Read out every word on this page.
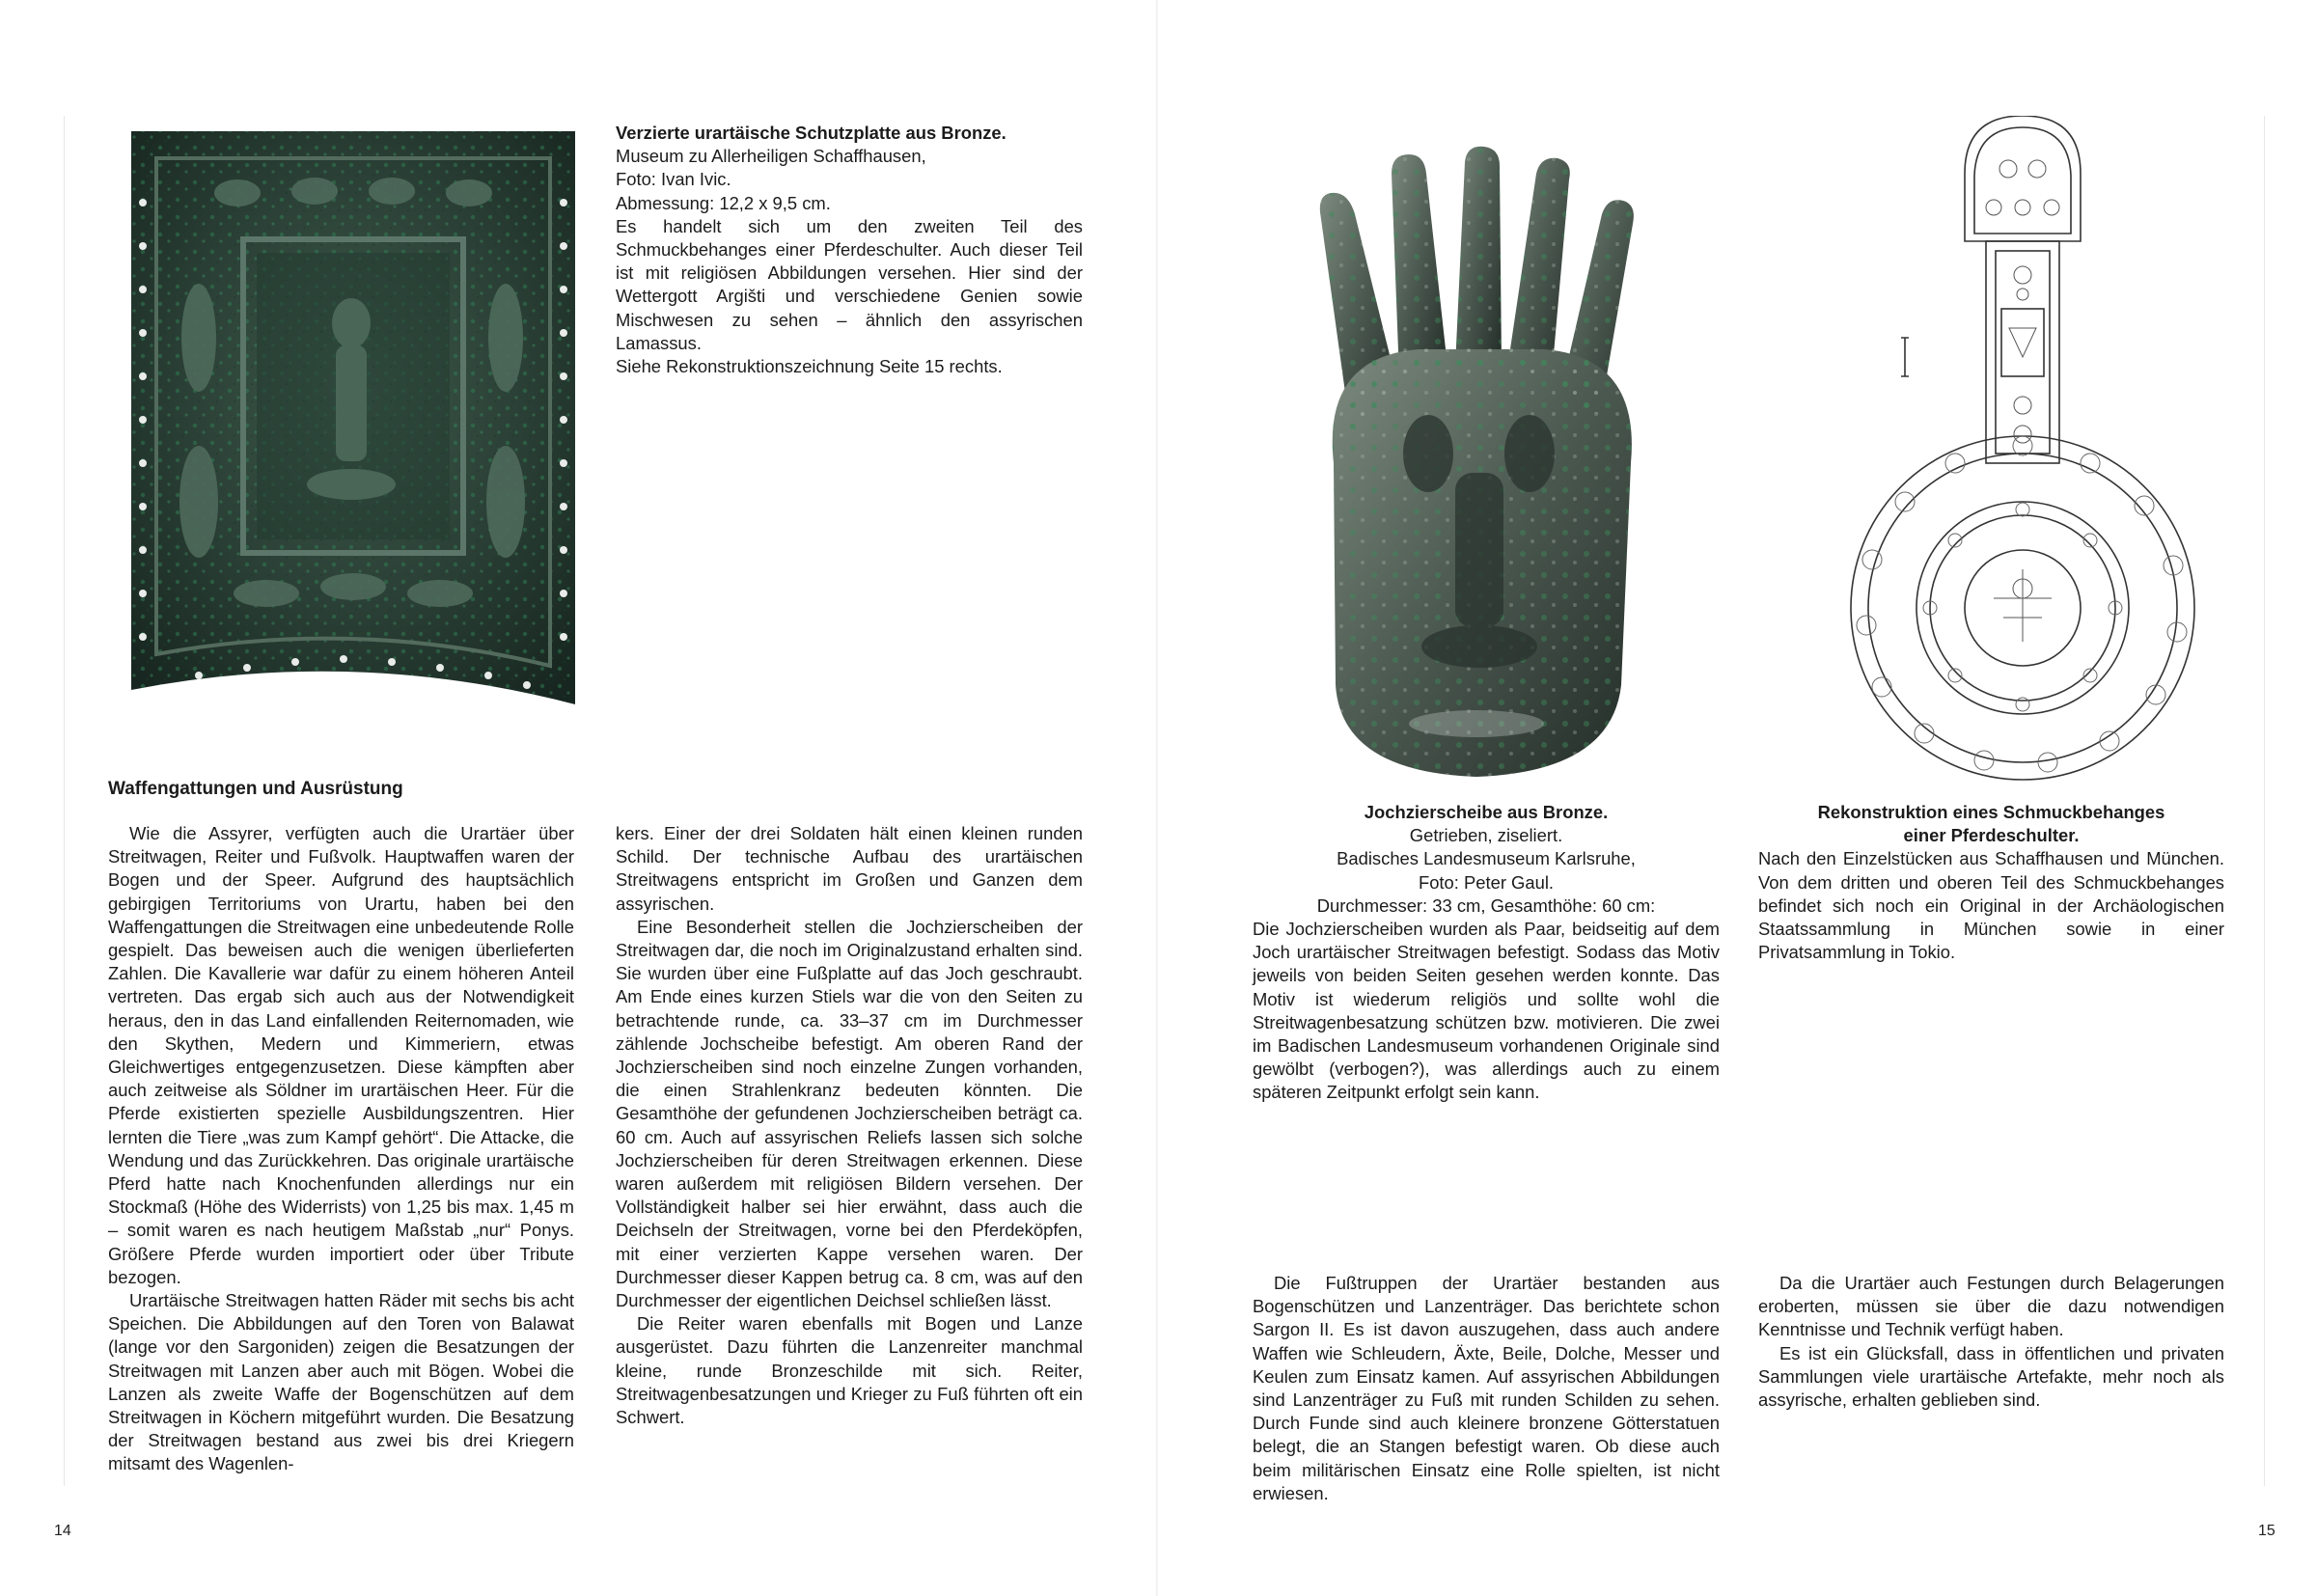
Verzierte urartäische Schutzplatte aus Bronze.
Museum zu Allerheiligen Schaffhausen,
Foto: Ivan Ivic.
Abmessung: 12,2 x 9,5 cm.
Es handelt sich um den zweiten Teil des Schmuckbehanges einer Pferdeschulter. Auch dieser Teil ist mit religiösen Abbildungen versehen. Hier sind der Wettergott Argišti und verschiedene Genien sowie Mischwesen zu sehen – ähnlich den assyrischen Lamassus.
Siehe Rekonstruktionszeichnung Seite 15 rechts.
Waffengattungen und Ausrüstung

Wie die Assyrer, verfügten auch die Urartäer über Streitwagen, Reiter und Fußvolk. Hauptwaffen waren der Bogen und der Speer. Aufgrund des hauptsächlich gebirgigen Territoriums von Urartu, haben bei den Waffengattungen die Streitwagen eine unbedeutende Rolle gespielt. Das beweisen auch die wenigen überlieferten Zahlen. Die Kavallerie war dafür zu einem höheren Anteil vertreten. Das ergab sich auch aus der Notwendigkeit heraus, den in das Land einfallenden Reiternomaden, wie den Skythen, Medern und Kimmeriern, etwas Gleichwertiges entgegenzusetzen. Diese kämpften aber auch zeitweise als Söldner im urartäischen Heer. Für die Pferde existierten spezielle Ausbildungszentren. Hier lernten die Tiere „was zum Kampf gehört“. Die Attacke, die Wendung und das Zurückkehren. Das originale urartäische Pferd hatte nach Knochenfunden allerdings nur ein Stockmaß (Höhe des Widerrists) von 1,25 bis max. 1,45 m – somit waren es nach heutigem Maßstab „nur“ Ponys. Größere Pferde wurden importiert oder über Tribute bezogen.

Urartäische Streitwagen hatten Räder mit sechs bis acht Speichen. Die Abbildungen auf den Toren von Balawat (lange vor den Sargoniden) zeigen die Besatzungen der Streitwagen mit Lanzen aber auch mit Bögen. Wobei die Lanzen als zweite Waffe der Bogenschützen auf dem Streitwagen in Köchern mitgeführt wurden. Die Besatzung der Streitwagen bestand aus zwei bis drei Kriegern mitsamt des Wagenlen-

kers. Einer der drei Soldaten hält einen kleinen runden Schild. Der technische Aufbau des urartäischen Streitwagens entspricht im Großen und Ganzen dem assyrischen.

Eine Besonderheit stellen die Jochzierscheiben der Streitwagen dar, die noch im Originalzustand erhalten sind. Sie wurden über eine Fußplatte auf das Joch geschraubt. Am Ende eines kurzen Stiels war die von den Seiten zu betrachtende runde, ca. 33–37 cm im Durchmesser zählende Jochscheibe befestigt. Am oberen Rand der Jochzierscheiben sind noch einzelne Zungen vorhanden, die einen Strahlenkranz bedeuten könnten. Die Gesamthöhe der gefundenen Jochzierscheiben beträgt ca. 60 cm. Auch auf assyrischen Reliefs lassen sich solche Jochzierscheiben für deren Streitwagen erkennen. Diese waren außerdem mit religiösen Bildern versehen. Der Vollständigkeit halber sei hier erwähnt, dass auch die Deichseln der Streitwagen, vorne bei den Pferdeköpfen, mit einer verzierten Kappe versehen waren. Der Durchmesser dieser Kappen betrug ca. 8 cm, was auf den Durchmesser der eigentlichen Deichsel schließen lässt.

Die Reiter waren ebenfalls mit Bogen und Lanze ausgerüstet. Dazu führten die Lanzenreiter manchmal kleine, runde Bronzeschilde mit sich. Reiter, Streitwagenbesatzungen und Krieger zu Fuß führten oft ein Schwert.

14
Jochzierscheibe aus Bronze.
Getrieben, ziseliert.
Badisches Landesmuseum Karlsruhe,
Foto: Peter Gaul.
Durchmesser: 33 cm, Gesamthöhe: 60 cm:
Die Jochzierscheiben wurden als Paar, beidseitig auf dem Joch urartäischer Streitwagen befestigt. Sodass das Motiv jeweils von beiden Seiten gesehen werden konnte. Das Motiv ist wiederum religiös und sollte wohl die Streitwagenbesatzung schützen bzw. motivieren. Die zwei im Badischen Landesmuseum vorhandenen Originale sind gewölbt (verbogen?), was allerdings auch zu einem späteren Zeitpunkt erfolgt sein kann.
Rekonstruktion eines Schmuckbehanges
einer Pferdeschulter.
Nach den Einzelstücken aus Schaffhausen und München. Von dem dritten und oberen Teil des Schmuckbehanges befindet sich noch ein Original in der Archäologischen Staatssammlung in München sowie in einer Privatsammlung in Tokio.

Die Fußtruppen der Urartäer bestanden aus Bogenschützen und Lanzenträger. Das berichtete schon Sargon II. Es ist davon auszugehen, dass auch andere Waffen wie Schleudern, Äxte, Beile, Dolche, Messer und Keulen zum Einsatz kamen. Auf assyrischen Abbildungen sind Lanzenträger zu Fuß mit runden Schilden zu sehen. Durch Funde sind auch kleinere bronzene Götterstatuen belegt, die an Stangen befestigt waren. Ob diese auch beim militärischen Einsatz eine Rolle spielten, ist nicht erwiesen.

Da die Urartäer auch Festungen durch Belagerungen eroberten, müssen sie über die dazu notwendigen Kenntnisse und Technik verfügt haben.

Es ist ein Glücksfall, dass in öffentlichen und privaten Sammlungen viele urartäische Artefakte, mehr noch als assyrische, erhalten geblieben sind.

15
